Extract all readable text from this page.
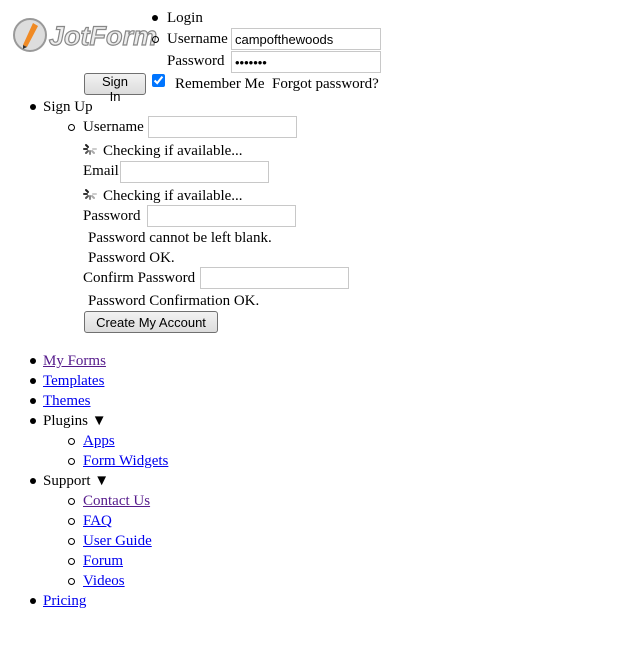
JotForm
Login
Username
campofthewoods
Password
•••••••
Sign In
Remember Me Forgot password?
Sign Up
Username
Checking if available...
Email
Checking if available...
Password
Password cannot be left blank.
Password OK.
Confirm Password
Password Confirmation OK.
Create My Account
My Forms
Templates
Themes
Plugins ▼
Apps
Form Widgets
Support ▼
Contact Us
FAQ
User Guide
Forum
Videos
Pricing
